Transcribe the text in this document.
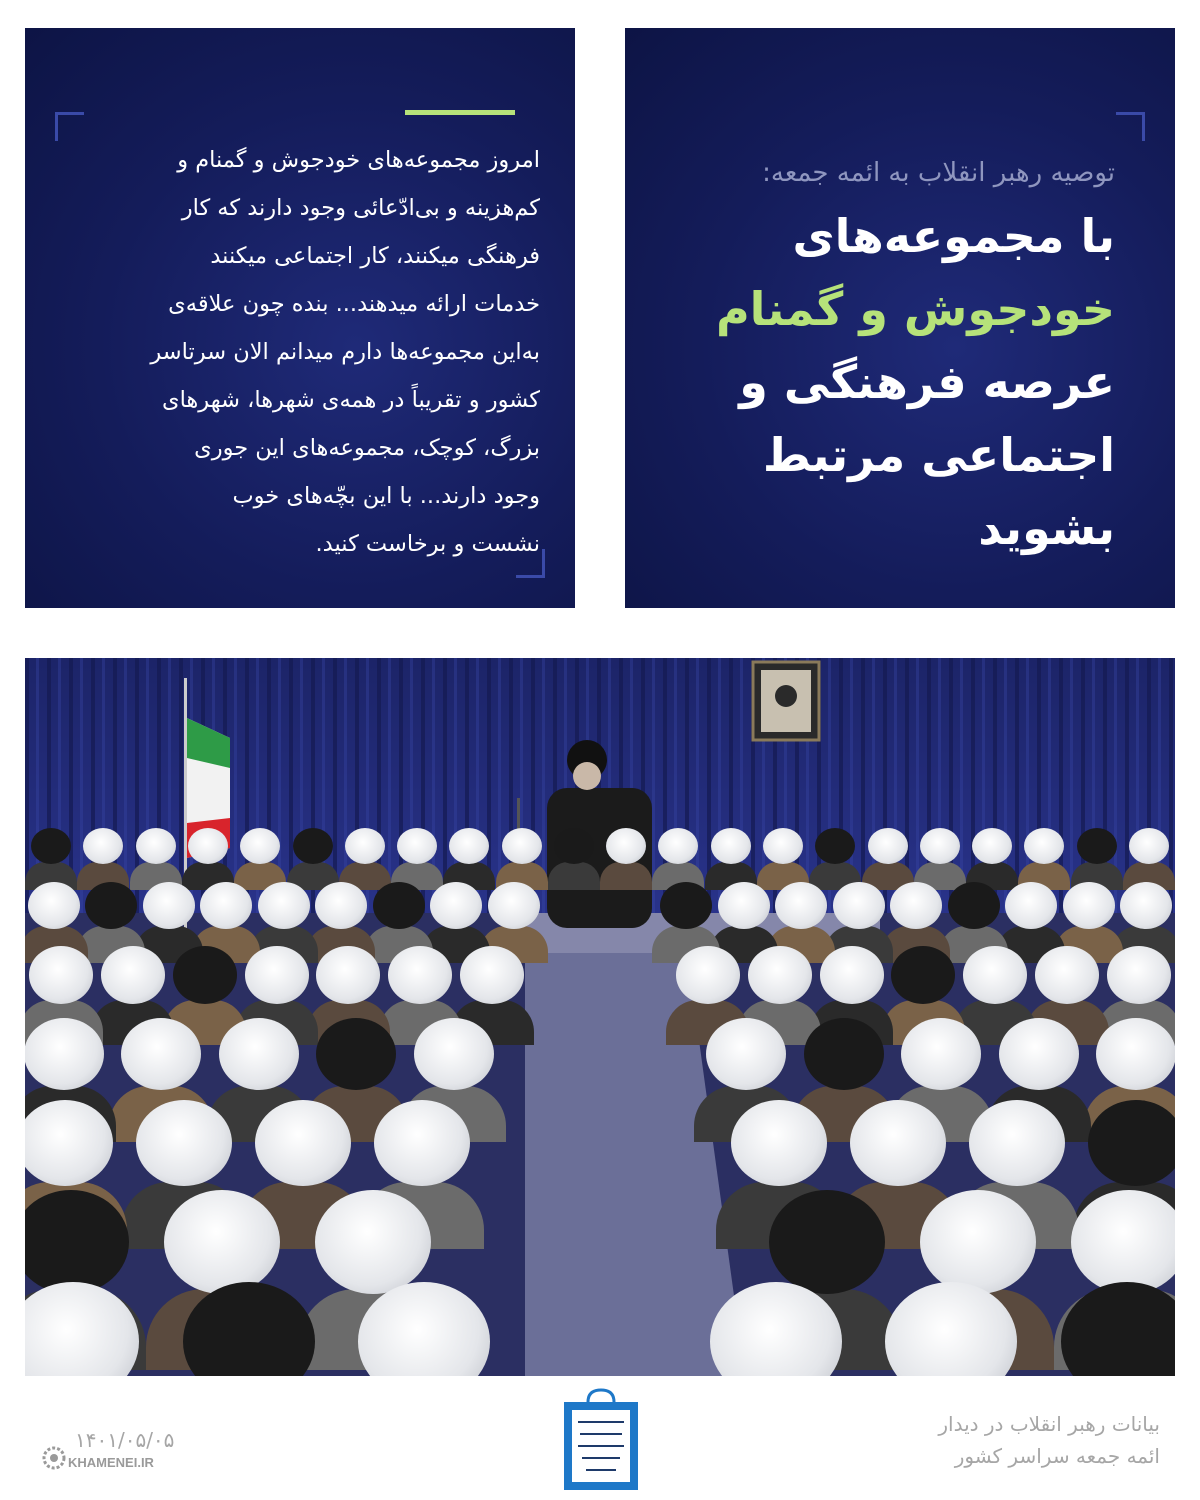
امروز مجموعه‌های خودجوش و گمنام و
کم‌هزینه و بی‌ادّعائی وجود دارند که کار
فرهنگی میکنند، کار اجتماعی میکنند
خدمات ارائه میدهند... بنده چون علاقه‌ی
به‌این مجموعه‌ها دارم میدانم الان سرتاسر
کشور و تقریباً در همه‌ی شهرها، شهرهای
بزرگ، کوچک، مجموعه‌های این جوری
وجود دارند... با این بچّه‌های خوب
نشست و برخاست کنید.
توصیه رهبر انقلاب به ائمه جمعه:
با مجموعه‌های
خودجوش و گمنام
عرصه فرهنگی و
اجتماعی مرتبط بشوید
بیانات رهبر انقلاب در دیدار
ائمه جمعه سراسر کشور
۱۴۰۱/۰۵/۰۵
KHAMENEI.IR
